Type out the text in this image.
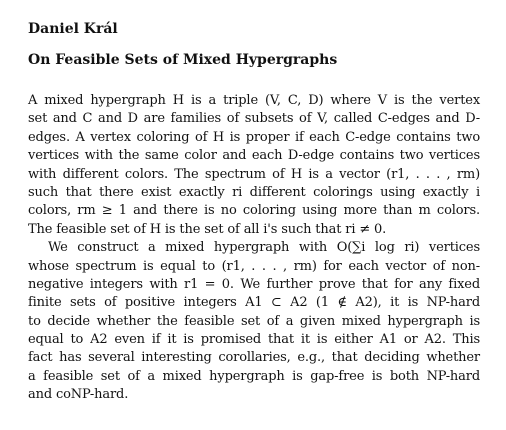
Daniel Král
On Feasible Sets of Mixed Hypergraphs
A mixed hypergraph H is a triple (V, C, D) where V is the vertex
set and C and D are families of subsets of V, called C-edges and D-
edges. A vertex coloring of H is proper if each C-edge contains two
vertices with the same color and each D-edge contains two vertices
with different colors. The spectrum of H is a vector (r1, . . . , rm)
such that there exist exactly ri different colorings using exactly i
colors, rm ≥ 1 and there is no coloring using more than m colors.
The feasible set of H is the set of all i's such that ri ≠ 0.
We construct a mixed hypergraph with O(∑i log ri) vertices
whose spectrum is equal to (r1, . . . , rm) for each vector of non-
negative integers with r1 = 0. We further prove that for any fixed
finite sets of positive integers A1 ⊂ A2 (1 ∉ A2), it is NP-hard
to decide whether the feasible set of a given mixed hypergraph is
equal to A2 even if it is promised that it is either A1 or A2. This
fact has several interesting corollaries, e.g., that deciding whether
a feasible set of a mixed hypergraph is gap-free is both NP-hard
and coNP-hard.
